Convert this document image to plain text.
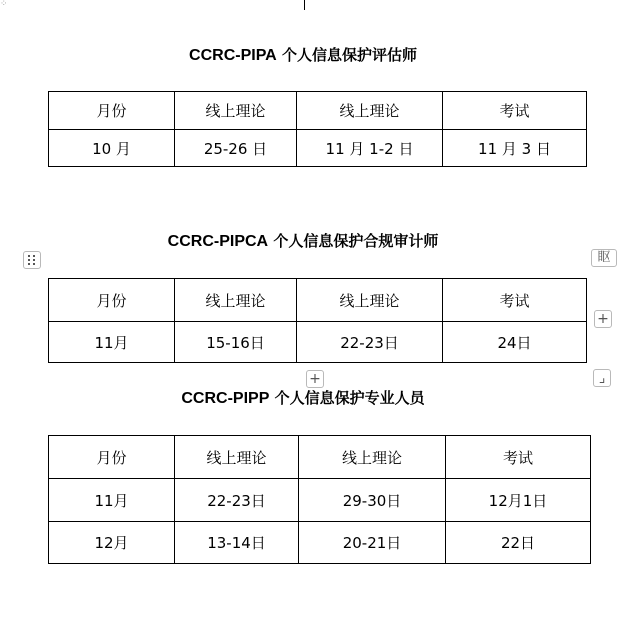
⁘
CCRC-PIPA 个人信息保护评估师
月份	线上理论	线上理论	考试
10 月	25-26 日	11 月 1-2 日	11 月 3 日
CCRC-PIPCA 个人信息保护合规审计师
眍
月份	线上理论	线上理论	考试
11月	15-16日	22-23日	24日
+
+	⌟
CCRC-PIPP 个人信息保护专业人员
月份	线上理论	线上理论	考试
11月	22-23日	29-30日	12月1日
12月	13-14日	20-21日	22日
